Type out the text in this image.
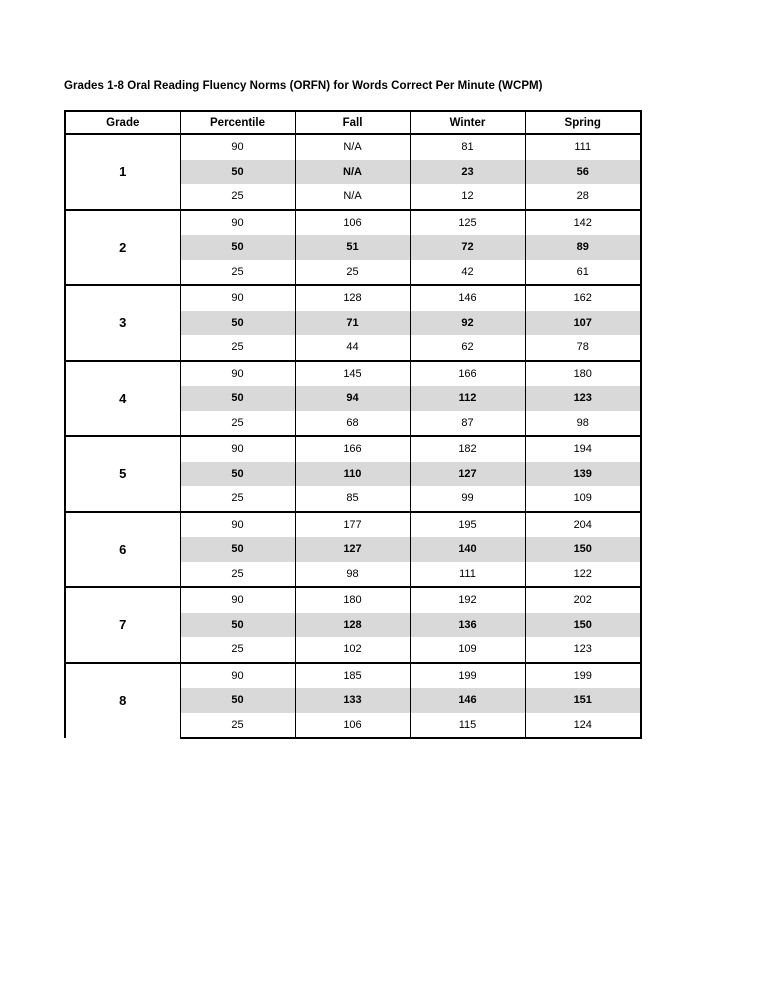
Grades 1-8 Oral Reading Fluency Norms (ORFN) for Words Correct Per Minute (WCPM)
Grade	Percentile	Fall	Winter	Spring
1	90	N/A	81	111
	50	N/A	23	56
	25	N/A	12	28
2	90	106	125	142
	50	51	72	89
	25	25	42	61
3	90	128	146	162
	50	71	92	107
	25	44	62	78
4	90	145	166	180
	50	94	112	123
	25	68	87	98
5	90	166	182	194
	50	110	127	139
	25	85	99	109
6	90	177	195	204
	50	127	140	150
	25	98	111	122
7	90	180	192	202
	50	128	136	150
	25	102	109	123
8	90	185	199	199
	50	133	146	151
	25	106	115	124
